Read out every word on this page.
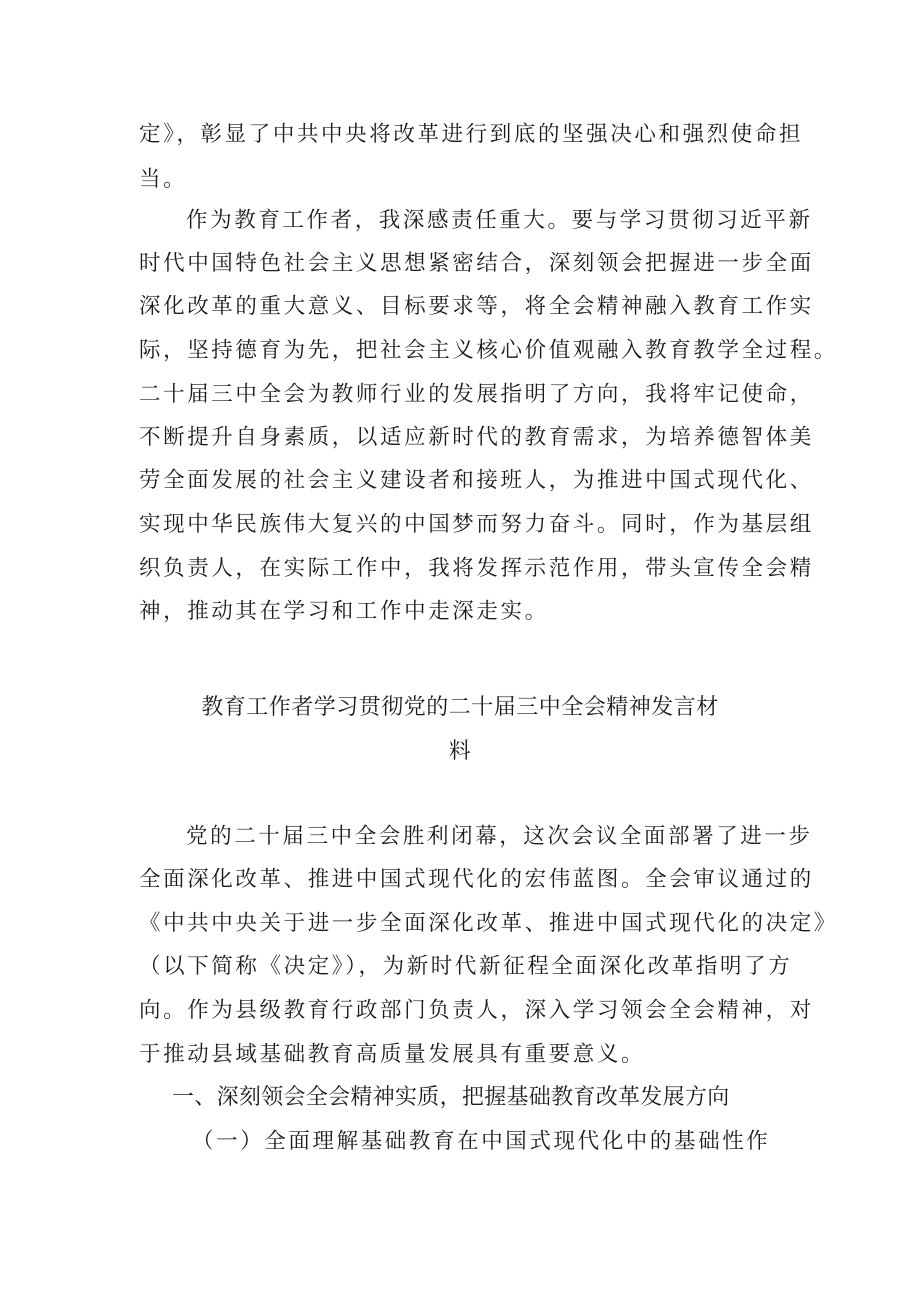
定》，彰显了中共中央将改革进行到底的坚强决心和强烈使命担
当。
作为教育工作者，我深感责任重大。要与学习贯彻习近平新
时代中国特色社会主义思想紧密结合，深刻领会把握进一步全面
深化改革的重大意义、目标要求等，将全会精神融入教育工作实
际，坚持德育为先，把社会主义核心价值观融入教育教学全过程。
二十届三中全会为教师行业的发展指明了方向，我将牢记使命，
不断提升自身素质，以适应新时代的教育需求，为培养德智体美
劳全面发展的社会主义建设者和接班人，为推进中国式现代化、
实现中华民族伟大复兴的中国梦而努力奋斗。同时，作为基层组
织负责人，在实际工作中，我将发挥示范作用，带头宣传全会精
神，推动其在学习和工作中走深走实。
教育工作者学习贯彻党的二十届三中全会精神发言材
料
党的二十届三中全会胜利闭幕，这次会议全面部署了进一步
全面深化改革、推进中国式现代化的宏伟蓝图。全会审议通过的
《中共中央关于进一步全面深化改革、推进中国式现代化的决定》
（以下简称《决定》），为新时代新征程全面深化改革指明了方
向。作为县级教育行政部门负责人，深入学习领会全会精神，对
于推动县域基础教育高质量发展具有重要意义。
一、深刻领会全会精神实质，把握基础教育改革发展方向
（一）全面理解基础教育在中国式现代化中的基础性作
